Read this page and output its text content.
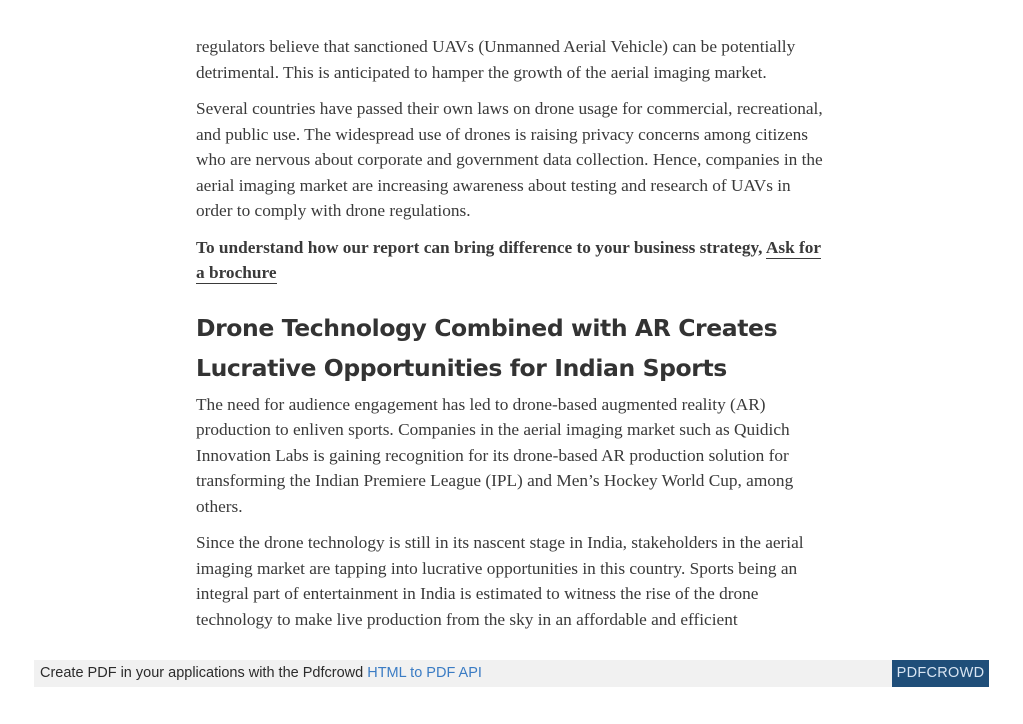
regulators believe that sanctioned UAVs (Unmanned Aerial Vehicle) can be potentially detrimental. This is anticipated to hamper the growth of the aerial imaging market.

Several countries have passed their own laws on drone usage for commercial, recreational, and public use. The widespread use of drones is raising privacy concerns among citizens who are nervous about corporate and government data collection. Hence, companies in the aerial imaging market are increasing awareness about testing and research of UAVs in order to comply with drone regulations.

To understand how our report can bring difference to your business strategy, Ask for a brochure

Drone Technology Combined with AR Creates Lucrative Opportunities for Indian Sports

The need for audience engagement has led to drone-based augmented reality (AR) production to enliven sports. Companies in the aerial imaging market such as Quidich Innovation Labs is gaining recognition for its drone-based AR production solution for transforming the Indian Premiere League (IPL) and Men’s Hockey World Cup, among others.

Since the drone technology is still in its nascent stage in India, stakeholders in the aerial imaging market are tapping into lucrative opportunities in this country. Sports being an integral part of entertainment in India is estimated to witness the rise of the drone technology to make live production from the sky in an affordable and efficient

Create PDF in your applications with the Pdfcrowd HTML to PDF API	PDFCROWD
